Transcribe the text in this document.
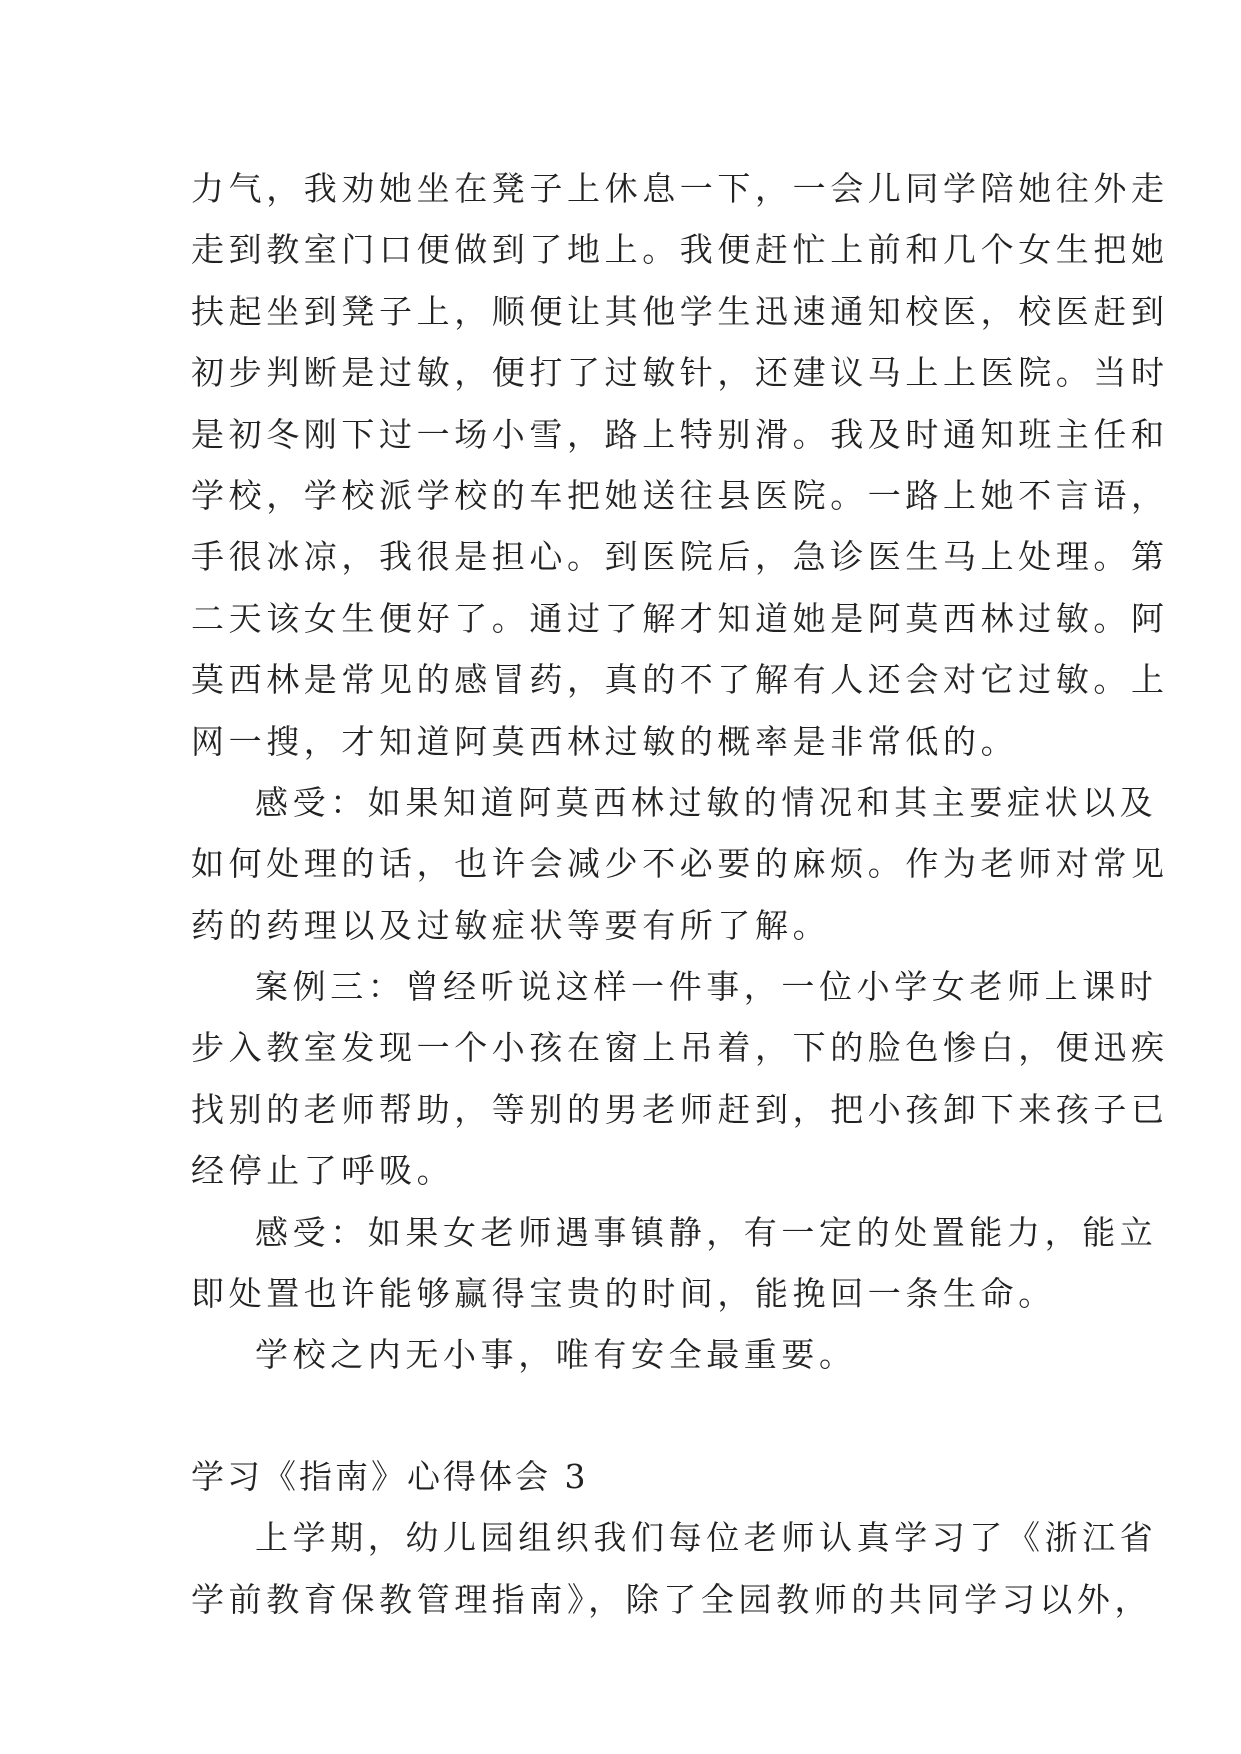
力气，我劝她坐在凳子上休息一下，一会儿同学陪她往外走
走到教室门口便做到了地上。我便赶忙上前和几个女生把她
扶起坐到凳子上，顺便让其他学生迅速通知校医，校医赶到
初步判断是过敏，便打了过敏针，还建议马上上医院。当时
是初冬刚下过一场小雪，路上特别滑。我及时通知班主任和
学校，学校派学校的车把她送往县医院。一路上她不言语，
手很冰凉，我很是担心。到医院后，急诊医生马上处理。第
二天该女生便好了。通过了解才知道她是阿莫西林过敏。阿
莫西林是常见的感冒药，真的不了解有人还会对它过敏。上
网一搜，才知道阿莫西林过敏的概率是非常低的。
感受：如果知道阿莫西林过敏的情况和其主要症状以及
如何处理的话，也许会减少不必要的麻烦。作为老师对常见
药的药理以及过敏症状等要有所了解。
案例三：曾经听说这样一件事，一位小学女老师上课时
步入教室发现一个小孩在窗上吊着，下的脸色惨白，便迅疾
找别的老师帮助，等别的男老师赶到，把小孩卸下来孩子已
经停止了呼吸。
感受：如果女老师遇事镇静，有一定的处置能力，能立
即处置也许能够赢得宝贵的时间，能挽回一条生命。
学校之内无小事，唯有安全最重要。
学习《指南》心得体会 3
上学期，幼儿园组织我们每位老师认真学习了《浙江省
学前教育保教管理指南》，除了全园教师的共同学习以外，
